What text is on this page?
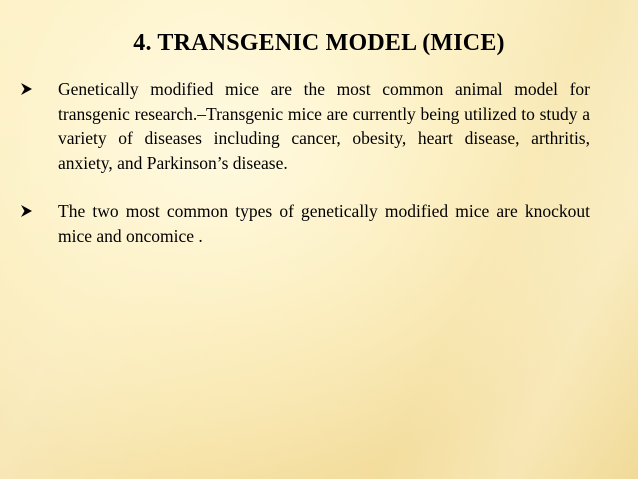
4. TRANSGENIC MODEL (MICE)
Genetically modified mice are the most common animal model for transgenic research.–Transgenic mice are currently being utilized to study a variety of diseases including cancer, obesity, heart disease, arthritis, anxiety, and Parkinson’s disease.
The two most common types of genetically modified mice are knockout mice and oncomice .
